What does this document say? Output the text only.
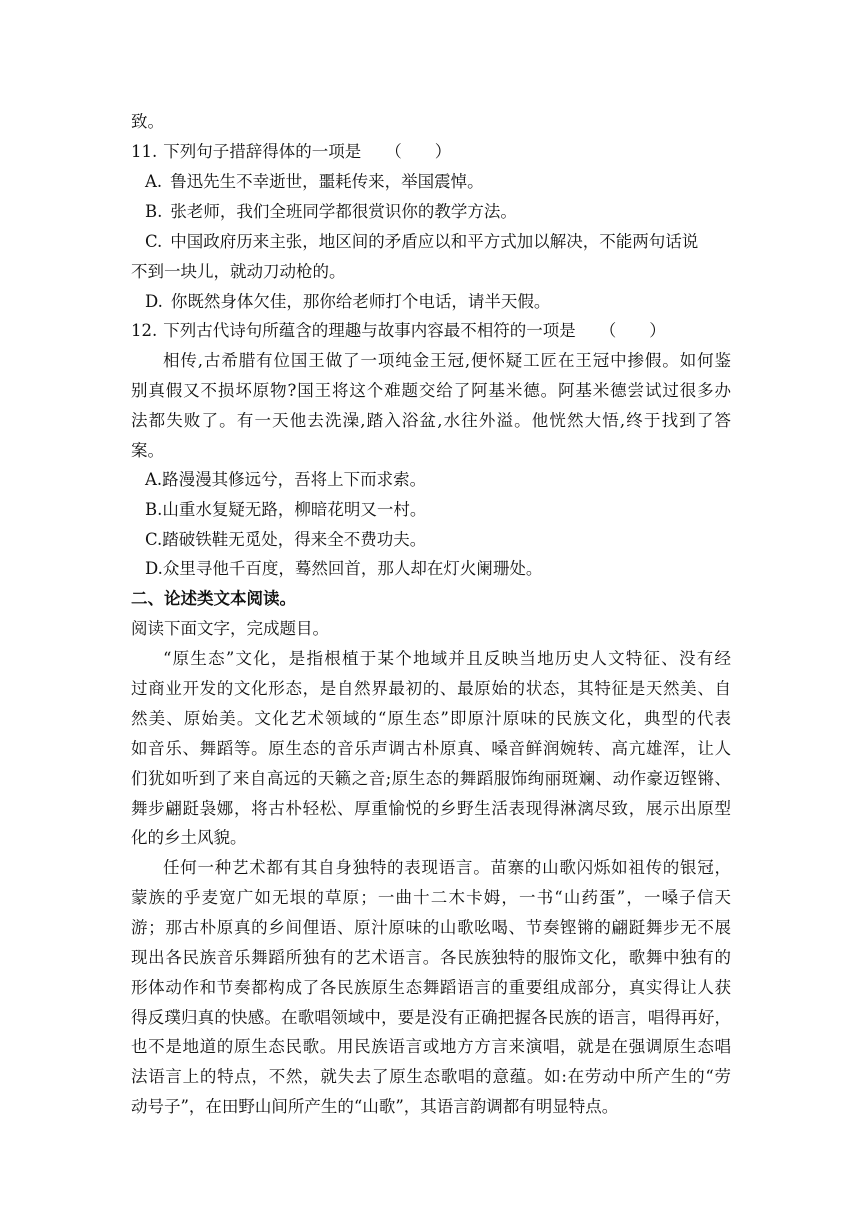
致。
11. 下列句子措辞得体的一项是 （　　）
A. 鲁迅先生不幸逝世，噩耗传来，举国震悼。
B. 张老师，我们全班同学都很赏识你的教学方法。
C. 中国政府历来主张，地区间的矛盾应以和平方式加以解决，不能两句话说
不到一块儿，就动刀动枪的。
D. 你既然身体欠佳，那你给老师打个电话，请半天假。
12. 下列古代诗句所蕴含的理趣与故事内容最不相符的一项是 （　　）
相传,古希腊有位国王做了一项纯金王冠,便怀疑工匠在王冠中掺假。如何鉴
别真假又不损坏原物?国王将这个难题交给了阿基米德。阿基米德尝试过很多办
法都失败了。有一天他去洗澡,踏入浴盆,水往外溢。他恍然大悟,终于找到了答
案。
A.路漫漫其修远兮，吾将上下而求索。
B.山重水复疑无路，柳暗花明又一村。
C.踏破铁鞋无觅处，得来全不费功夫。
D.众里寻他千百度，蓦然回首，那人却在灯火阑珊处。
二、论述类文本阅读。
阅读下面文字，完成题目。
“原生态”文化，是指根植于某个地域并且反映当地历史人文特征、没有经
过商业开发的文化形态，是自然界最初的、最原始的状态，其特征是天然美、自
然美、原始美。文化艺术领域的“原生态”即原汁原味的民族文化，典型的代表
如音乐、舞蹈等。原生态的音乐声调古朴原真、嗓音鲜润婉转、高亢雄浑，让人
们犹如听到了来自高远的天籁之音;原生态的舞蹈服饰绚丽斑斓、动作豪迈铿锵、
舞步翩跹袅娜，将古朴轻松、厚重愉悦的乡野生活表现得淋漓尽致，展示出原型
化的乡土风貌。
任何一种艺术都有其自身独特的表现语言。苗寨的山歌闪烁如祖传的银冠，
蒙族的乎麦宽广如无垠的草原；一曲十二木卡姆，一书“山药蛋”，一嗓子信天
游；那古朴原真的乡间俚语、原汁原味的山歌吆喝、节奏铿锵的翩跹舞步无不展
现出各民族音乐舞蹈所独有的艺术语言。各民族独特的服饰文化，歌舞中独有的
形体动作和节奏都构成了各民族原生态舞蹈语言的重要组成部分，真实得让人获
得反璞归真的快感。在歌唱领域中，要是没有正确把握各民族的语言，唱得再好，
也不是地道的原生态民歌。用民族语言或地方方言来演唱，就是在强调原生态唱
法语言上的特点，不然，就失去了原生态歌唱的意蕴。如:在劳动中所产生的“劳
动号子”，在田野山间所产生的“山歌”，其语言韵调都有明显特点。
